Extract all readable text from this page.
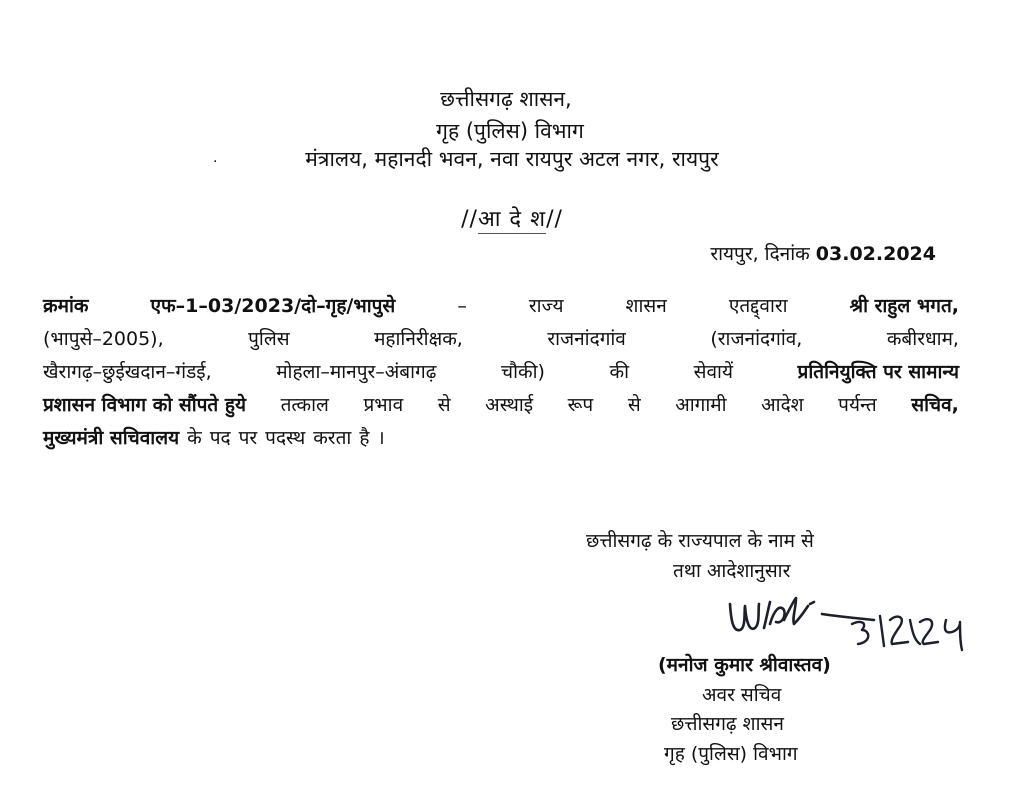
छत्तीसगढ़ शासन,
गृह (पुलिस) विभाग
.	मंत्रालय, महानदी भवन, नवा रायपुर अटल नगर, रायपुर
//आ दे श//
रायपुर, दिनांक 03.02.2024
क्रमांक	एफ–1–03/2023/दो–गृह/भापुसे	–	राज्य	शासन	एतद्द्वारा	श्री राहुल भगत,
(भापुसे–2005),	पुलिस	महानिरीक्षक,	राजनांदगांव	(राजनांदगांव,	कबीरधाम,
खैरागढ़–छुईखदान–गंडई,	मोहला–मानपुर–अंबागढ़	चौकी)	की	सेवायें	प्रतिनियुक्ति पर सामान्य
प्रशासन विभाग को सौंपते हुये तत्काल प्रभाव से अस्थाई रूप से आगामी आदेश पर्यन्त सचिव,
मुख्यमंत्री सचिवालय के पद पर पदस्थ करता है ।
छत्तीसगढ़ के राज्यपाल के नाम से
तथा आदेशानुसार
(मनोज कुमार श्रीवास्तव)
अवर सचिव
छत्तीसगढ़ शासन
गृह (पुलिस) विभाग
